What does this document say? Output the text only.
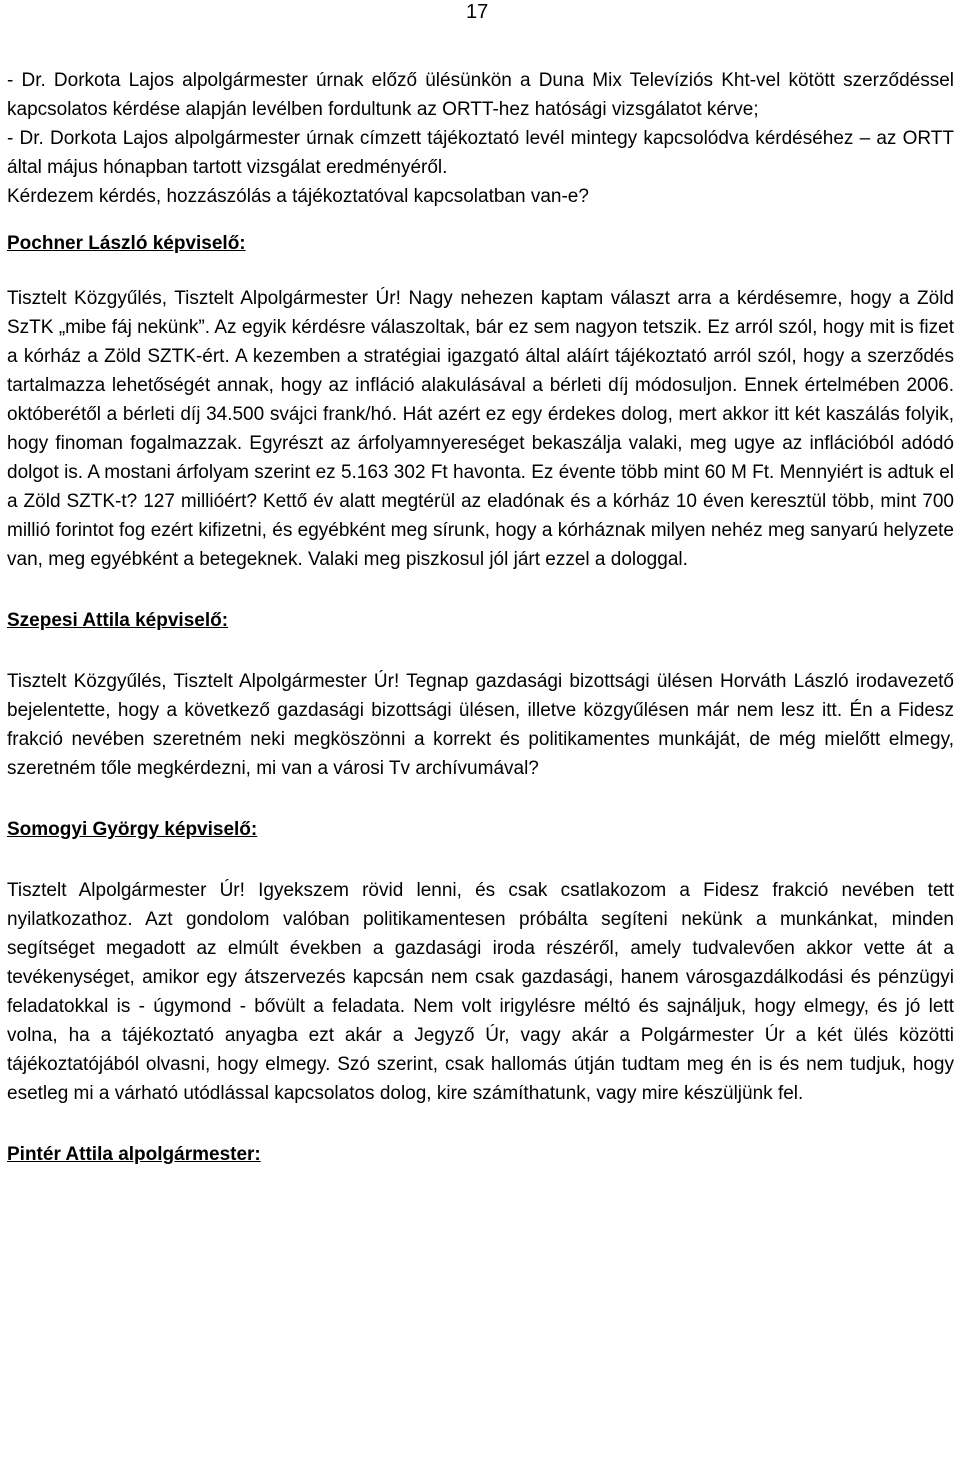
17

- Dr. Dorkota Lajos alpolgármester úrnak előző ülésünkön a Duna Mix Televíziós Kht-vel kötött szerződéssel kapcsolatos kérdése alapján levélben fordultunk az ORTT-hez hatósági vizsgálatot kérve;

- Dr. Dorkota Lajos alpolgármester úrnak címzett tájékoztató levél mintegy kapcsolódva kérdéséhez – az ORTT által május hónapban tartott vizsgálat eredményéről.

Kérdezem kérdés, hozzászólás a tájékoztatóval kapcsolatban van-e?

Pochner László képviselő:

Tisztelt Közgyűlés, Tisztelt Alpolgármester Úr! Nagy nehezen kaptam választ arra a kérdésemre, hogy a Zöld SzTK „mibe fáj nekünk”. Az egyik kérdésre válaszoltak, bár ez sem nagyon tetszik. Ez arról szól, hogy mit is fizet a kórház a Zöld SZTK-ért. A kezemben a stratégiai igazgató által aláírt tájékoztató arról szól, hogy a szerződés tartalmazza lehetőségét annak, hogy az infláció alakulásával a bérleti díj módosuljon. Ennek értelmében 2006. októberétől a bérleti díj 34.500 svájci frank/hó. Hát azért ez egy érdekes dolog, mert akkor itt két kaszálás folyik, hogy finoman fogalmazzak. Egyrészt az árfolyamnyereséget bekaszálja valaki, meg ugye az inflációból adódó dolgot is. A mostani árfolyam szerint ez 5.163 302 Ft havonta. Ez évente több mint 60 M Ft. Mennyiért is adtuk el a Zöld SZTK-t? 127 millióért? Kettő év alatt megtérül az eladónak és a kórház 10 éven keresztül több, mint 700 millió forintot fog ezért kifizetni, és egyébként meg sírunk, hogy a kórháznak milyen nehéz meg sanyarú helyzete van, meg egyébként a betegeknek. Valaki meg piszkosul jól járt ezzel a dologgal.

Szepesi Attila képviselő:

Tisztelt Közgyűlés, Tisztelt Alpolgármester Úr! Tegnap gazdasági bizottsági ülésen Horváth László irodavezető bejelentette, hogy a következő gazdasági bizottsági ülésen, illetve közgyűlésen már nem lesz itt. Én a Fidesz frakció nevében szeretném neki megköszönni a korrekt és politikamentes munkáját, de még mielőtt elmegy, szeretném tőle megkérdezni, mi van a városi Tv archívumával?

Somogyi György képviselő:

Tisztelt Alpolgármester Úr! Igyekszem rövid lenni, és csak csatlakozom a Fidesz frakció nevében tett nyilatkozathoz. Azt gondolom valóban politikamentesen próbálta segíteni nekünk a munkánkat, minden segítséget megadott az elmúlt években a gazdasági iroda részéről, amely tudvalevően akkor vette át a tevékenységet, amikor egy átszervezés kapcsán nem csak gazdasági, hanem városgazdálkodási és pénzügyi feladatokkal is - úgymond - bővült a feladata. Nem volt irigylésre méltó és sajnáljuk, hogy elmegy, és jó lett volna, ha a tájékoztató anyagba ezt akár a Jegyző Úr, vagy akár a Polgármester Úr a két ülés közötti tájékoztatójából olvasni, hogy elmegy. Szó szerint, csak hallomás útján tudtam meg én is és nem tudjuk, hogy esetleg mi a várható utódlással kapcsolatos dolog, kire számíthatunk, vagy mire készüljünk fel.

Pintér Attila alpolgármester:
